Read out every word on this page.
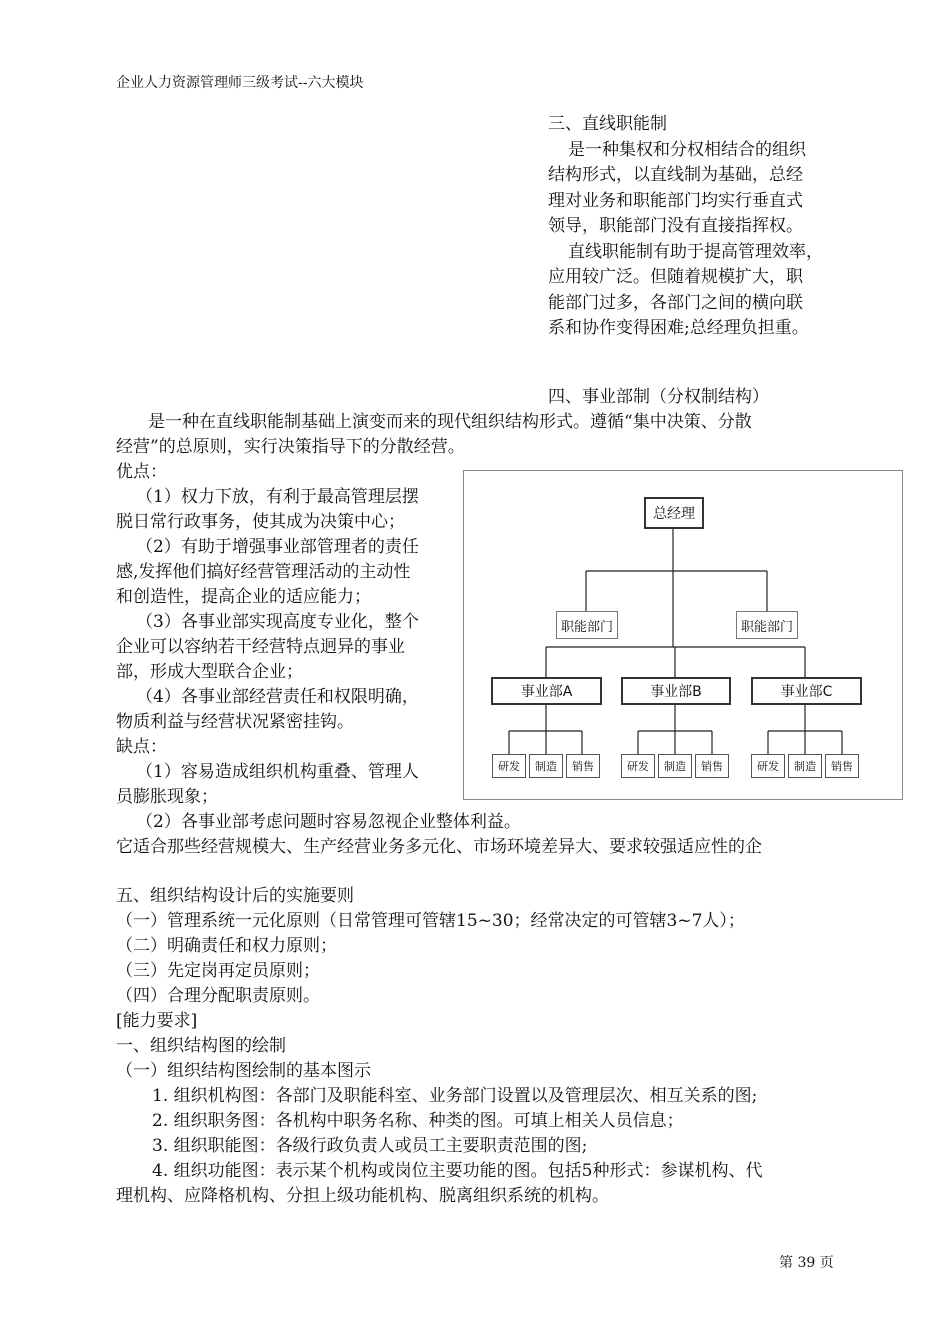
企业人力资源管理师三级考试--六大模块
三、直线职能制
是一种集权和分权相结合的组织
结构形式，以直线制为基础，总经
理对业务和职能部门均实行垂直式
领导，职能部门没有直接指挥权。
直线职能制有助于提高管理效率，
应用较广泛。但随着规模扩大，职
能部门过多，各部门之间的横向联
系和协作变得困难;总经理负担重。
四、事业部制（分权制结构）
是一种在直线职能制基础上演变而来的现代组织结构形式。遵循“集中决策、分散
经营”的总原则，实行决策指导下的分散经营。
优点：
（1）权力下放，有利于最高管理层摆
脱日常行政事务，使其成为决策中心；
（2）有助于增强事业部管理者的责任
感,发挥他们搞好经营管理活动的主动性
和创造性，提高企业的适应能力；
（3）各事业部实现高度专业化，整个
企业可以容纳若干经营特点迥异的事业
部，形成大型联合企业；
（4）各事业部经营责任和权限明确，
物质利益与经营状况紧密挂钩。
缺点：
（1）容易造成组织机构重叠、管理人
员膨胀现象；
（2）各事业部考虑问题时容易忽视企业整体利益。
它适合那些经营规模大、生产经营业务多元化、市场环境差异大、要求较强适应性的企
总经理
职能部门	职能部门
事业部A	事业部B	事业部C
研发	制造	销售	研发	制造	销售	研发	制造	销售
五、组织结构设计后的实施要则
（一）管理系统一元化原则（日常管理可管辖15~30；经常决定的可管辖3~7人）；
（二）明确责任和权力原则；
（三）先定岗再定员原则；
（四）合理分配职责原则。
[能力要求]
一、组织结构图的绘制
（一）组织结构图绘制的基本图示
1. 组织机构图：各部门及职能科室、业务部门设置以及管理层次、相互关系的图;
2. 组织职务图：各机构中职务名称、种类的图。可填上相关人员信息；
3. 组织职能图：各级行政负责人或员工主要职责范围的图;
4. 组织功能图：表示某个机构或岗位主要功能的图。包括5种形式：参谋机构、代
理机构、应降格机构、分担上级功能机构、脱离组织系统的机构。
第 39 页
